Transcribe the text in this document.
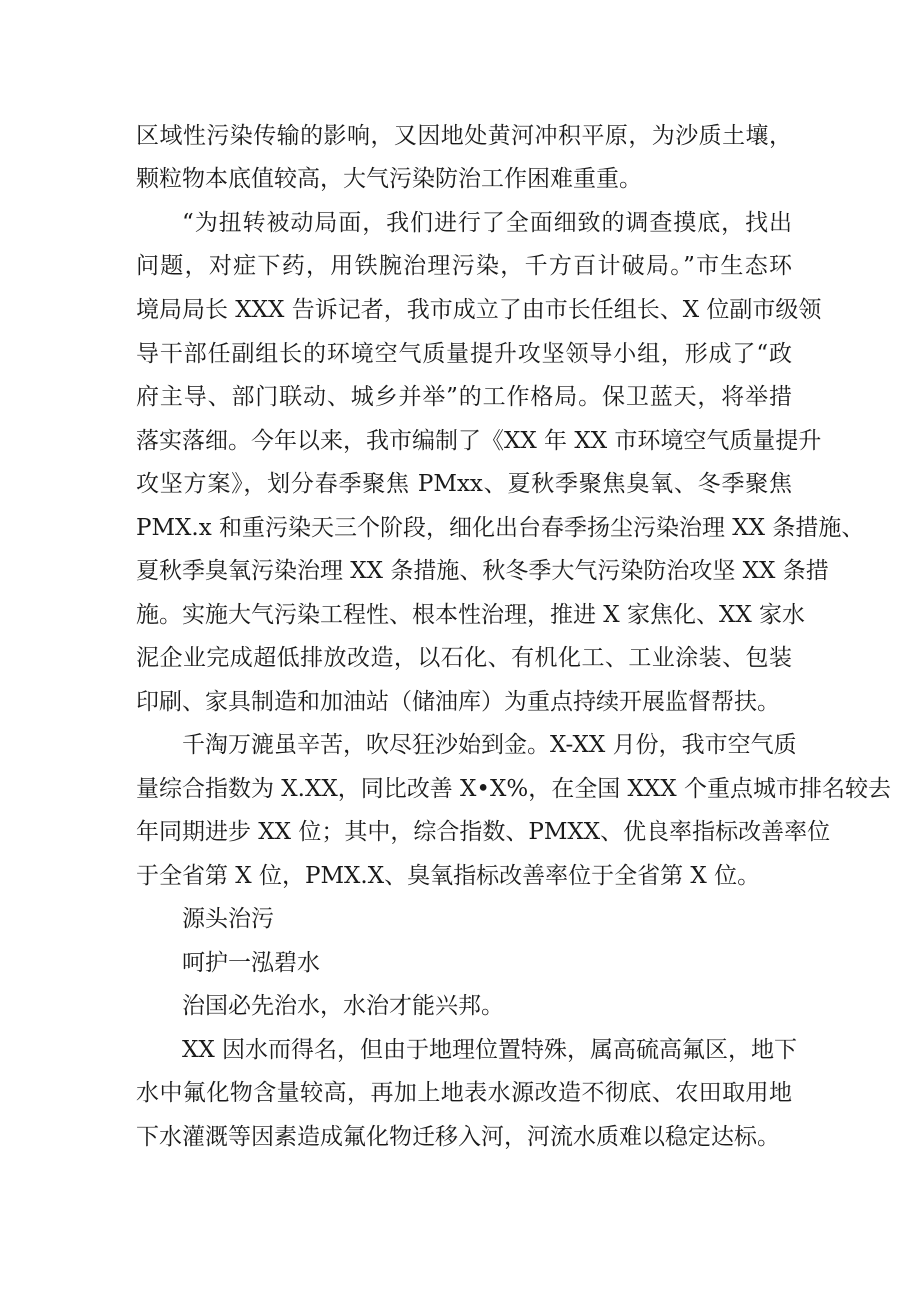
区域性污染传输的影响，又因地处黄河冲积平原，为沙质土壤，
颗粒物本底值较高，大气污染防治工作困难重重。
“为扭转被动局面，我们进行了全面细致的调查摸底，找出
问题，对症下药，用铁腕治理污染，千方百计破局。”市生态环
境局局长 XXX 告诉记者，我市成立了由市长任组长、X 位副市级领
导干部任副组长的环境空气质量提升攻坚领导小组，形成了“政
府主导、部门联动、城乡并举”的工作格局。保卫蓝天，将举措
落实落细。今年以来，我市编制了《XX 年 XX 市环境空气质量提升
攻坚方案》，划分春季聚焦 PMxx、夏秋季聚焦臭氧、冬季聚焦
PMX.x 和重污染天三个阶段，细化出台春季扬尘污染治理 XX 条措施、
夏秋季臭氧污染治理 XX 条措施、秋冬季大气污染防治攻坚 XX 条措
施。实施大气污染工程性、根本性治理，推进 X 家焦化、XX 家水
泥企业完成超低排放改造，以石化、有机化工、工业涂装、包装
印刷、家具制造和加油站（储油库）为重点持续开展监督帮扶。
千淘万漉虽辛苦，吹尽狂沙始到金。X-XX 月份，我市空气质
量综合指数为 X.XX，同比改善 X•X%，在全国 XXX 个重点城市排名较去
年同期进步 XX 位；其中，综合指数、PMXX、优良率指标改善率位
于全省第 X 位，PMX.X、臭氧指标改善率位于全省第 X 位。
源头治污
呵护一泓碧水
治国必先治水，水治才能兴邦。
XX 因水而得名，但由于地理位置特殊，属高硫高氟区，地下
水中氟化物含量较高，再加上地表水源改造不彻底、农田取用地
下水灌溉等因素造成氟化物迁移入河，河流水质难以稳定达标。
